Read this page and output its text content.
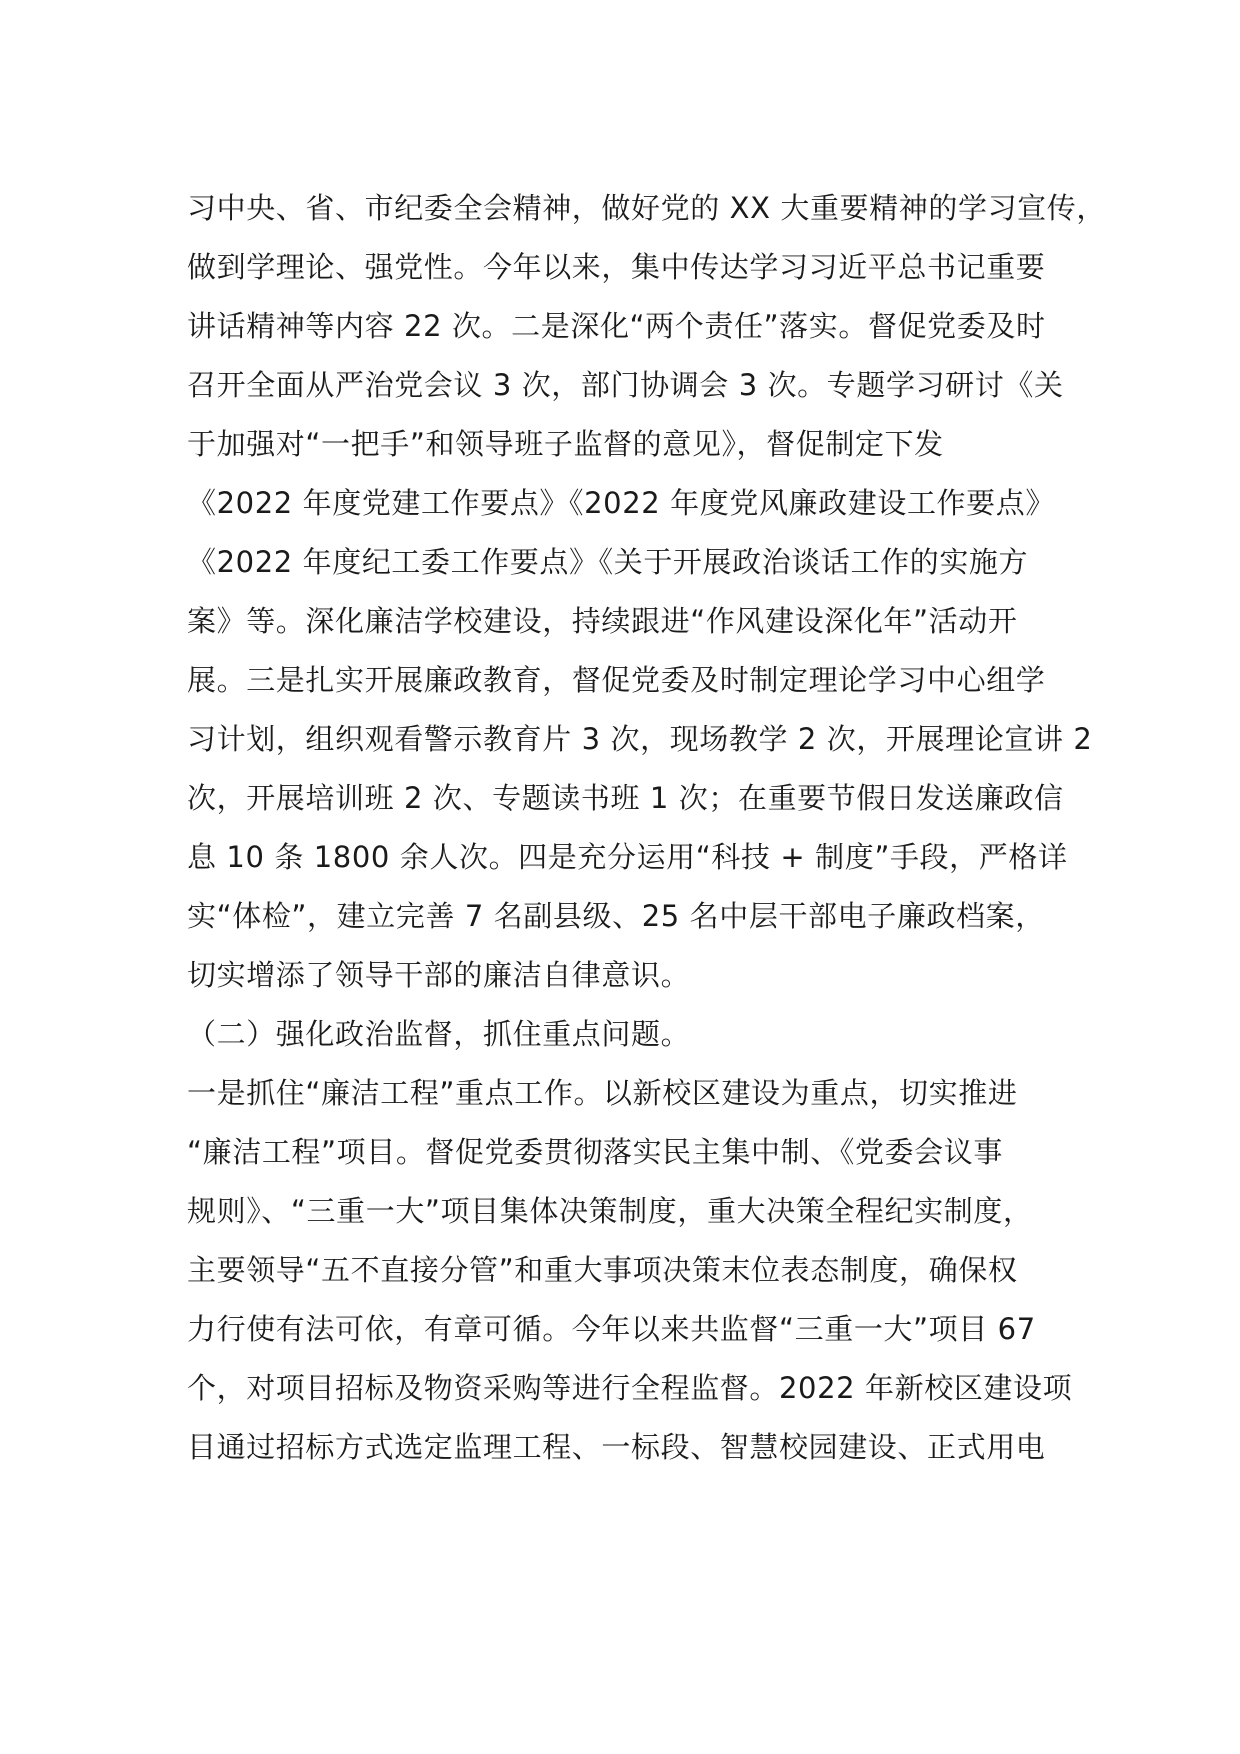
习中央、省、市纪委全会精神，做好党的 XX 大重要精神的学习宣传，
做到学理论、强党性。今年以来，集中传达学习习近平总书记重要
讲话精神等内容 22 次。二是深化“两个责任”落实。督促党委及时
召开全面从严治党会议 3 次，部门协调会 3 次。专题学习研讨《关
于加强对“一把手”和领导班子监督的意见》，督促制定下发
《2022 年度党建工作要点》《2022 年度党风廉政建设工作要点》
《2022 年度纪工委工作要点》《关于开展政治谈话工作的实施方
案》等。深化廉洁学校建设，持续跟进“作风建设深化年”活动开
展。三是扎实开展廉政教育，督促党委及时制定理论学习中心组学
习计划，组织观看警示教育片 3 次，现场教学 2 次，开展理论宣讲 2
次，开展培训班 2 次、专题读书班 1 次；在重要节假日发送廉政信
息 10 条 1800 余人次。四是充分运用“科技 + 制度”手段，严格详
实“体检”，建立完善 7 名副县级、25 名中层干部电子廉政档案，
切实增添了领导干部的廉洁自律意识。
（二）强化政治监督，抓住重点问题。
一是抓住“廉洁工程”重点工作。以新校区建设为重点，切实推进
“廉洁工程”项目。督促党委贯彻落实民主集中制、《党委会议事
规则》、“三重一大”项目集体决策制度，重大决策全程纪实制度，
主要领导“五不直接分管”和重大事项决策末位表态制度，确保权
力行使有法可依，有章可循。今年以来共监督“三重一大”项目 67
个，对项目招标及物资采购等进行全程监督。2022 年新校区建设项
目通过招标方式选定监理工程、一标段、智慧校园建设、正式用电
